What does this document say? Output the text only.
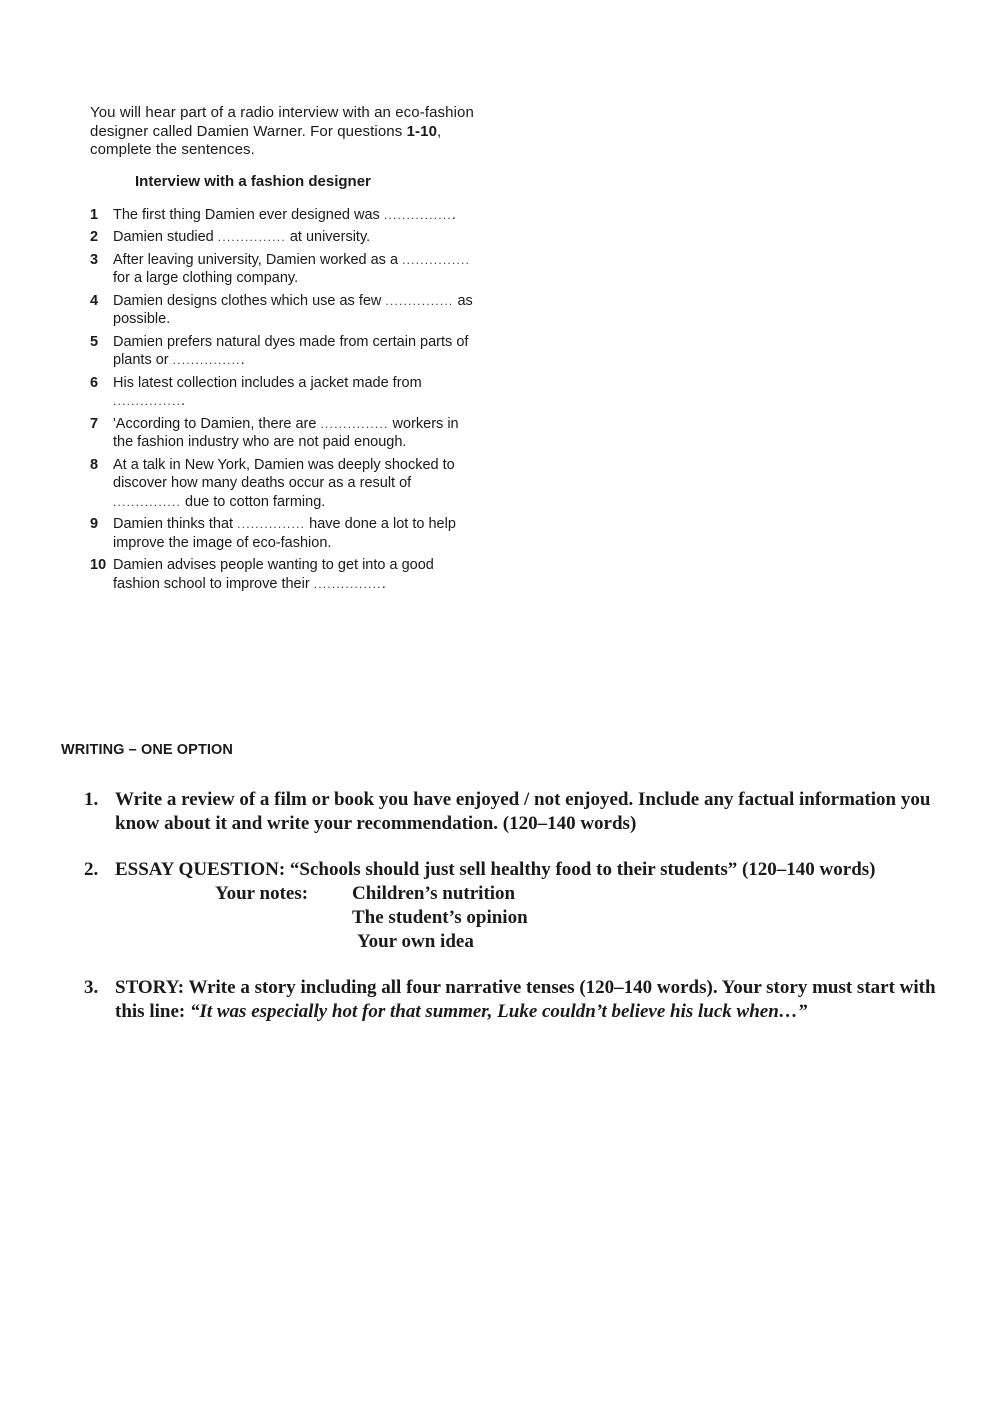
You will hear part of a radio interview with an eco-fashion designer called Damien Warner. For questions 1-10, complete the sentences.

Interview with a fashion designer
1	The first thing Damien ever designed was ................
2	Damien studied ............... at university.
3	After leaving university, Damien worked as a ............... for a large clothing company.
4	Damien designs clothes which use as few ............... as possible.
5	Damien prefers natural dyes made from certain parts of plants or ................
6	His latest collection includes a jacket made from ................
7	'According to Damien, there are ............... workers in the fashion industry who are not paid enough.
8	At a talk in New York, Damien was deeply shocked to discover how many deaths occur as a result of ............... due to cotton farming.
9	Damien thinks that ............... have done a lot to help improve the image of eco-fashion.
10 Damien advises people wanting to get into a good fashion school to improve their ................
WRITING – ONE OPTION
1. Write a review of a film or book you have enjoyed / not enjoyed. Include any factual information you know about it and write your recommendation. (120–140 words)
2. ESSAY QUESTION: “Schools should just sell healthy food to their students” (120–140 words)
Your notes:	Children’s nutrition
The student’s opinion
Your own idea
3. STORY: Write a story including all four narrative tenses (120–140 words). Your story must start with this line: “It was especially hot for that summer, Luke couldn’t believe his luck when…”
